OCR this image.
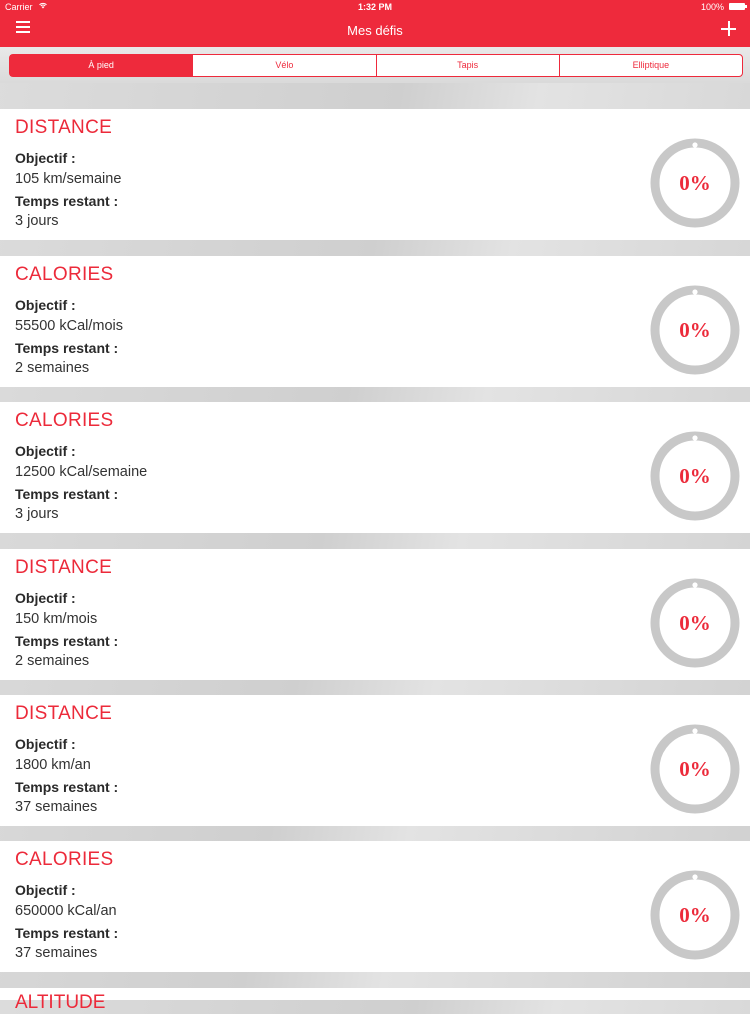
Carrier	1:32 PM	100%
Mes défis
À pied	Vélo	Tapis	Elliptique
DISTANCE
Objectif :
105 km/semaine
Temps restant :
3 jours
0%
CALORIES
Objectif :
55500 kCal/mois
Temps restant :
2 semaines
0%
CALORIES
Objectif :
12500 kCal/semaine
Temps restant :
3 jours
0%
DISTANCE
Objectif :
150 km/mois
Temps restant :
2 semaines
0%
DISTANCE
Objectif :
1800 km/an
Temps restant :
37 semaines
0%
CALORIES
Objectif :
650000 kCal/an
Temps restant :
37 semaines
0%
ALTITUDE
